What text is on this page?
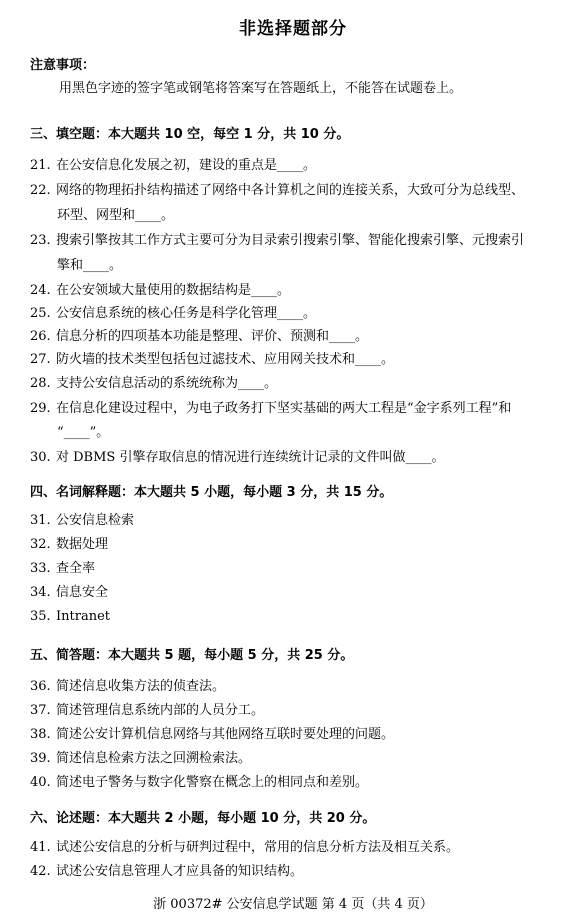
非选择题部分
注意事项：
用黑色字迹的签字笔或钢笔将答案写在答题纸上，不能答在试题卷上。
三、填空题：本大题共 10 空，每空 1 分，共 10 分。
21. 在公安信息化发展之初，建设的重点是____。
22. 网络的物理拓扑结构描述了网络中各计算机之间的连接关系，大致可分为总线型、
环型、网型和____。
23. 搜索引擎按其工作方式主要可分为目录索引搜索引擎、智能化搜索引擎、元搜索引
擎和____。
24. 在公安领域大量使用的数据结构是____。
25. 公安信息系统的核心任务是科学化管理____。
26. 信息分析的四项基本功能是整理、评价、预测和____。
27. 防火墙的技术类型包括包过滤技术、应用网关技术和____。
28. 支持公安信息活动的系统统称为____。
29. 在信息化建设过程中，为电子政务打下坚实基础的两大工程是“金字系列工程”和
“____”。
30. 对 DBMS 引擎存取信息的情况进行连续统计记录的文件叫做____。
四、名词解释题：本大题共 5 小题，每小题 3 分，共 15 分。
31. 公安信息检索
32. 数据处理
33. 查全率
34. 信息安全
35. Intranet
五、简答题：本大题共 5 题，每小题 5 分，共 25 分。
36. 简述信息收集方法的侦查法。
37. 简述管理信息系统内部的人员分工。
38. 简述公安计算机信息网络与其他网络互联时要处理的问题。
39. 简述信息检索方法之回溯检索法。
40. 简述电子警务与数字化警察在概念上的相同点和差别。
六、论述题：本大题共 2 小题，每小题 10 分，共 20 分。
41. 试述公安信息的分析与研判过程中，常用的信息分析方法及相互关系。
42. 试述公安信息管理人才应具备的知识结构。
浙 00372# 公安信息学试题 第 4 页（共 4 页）
